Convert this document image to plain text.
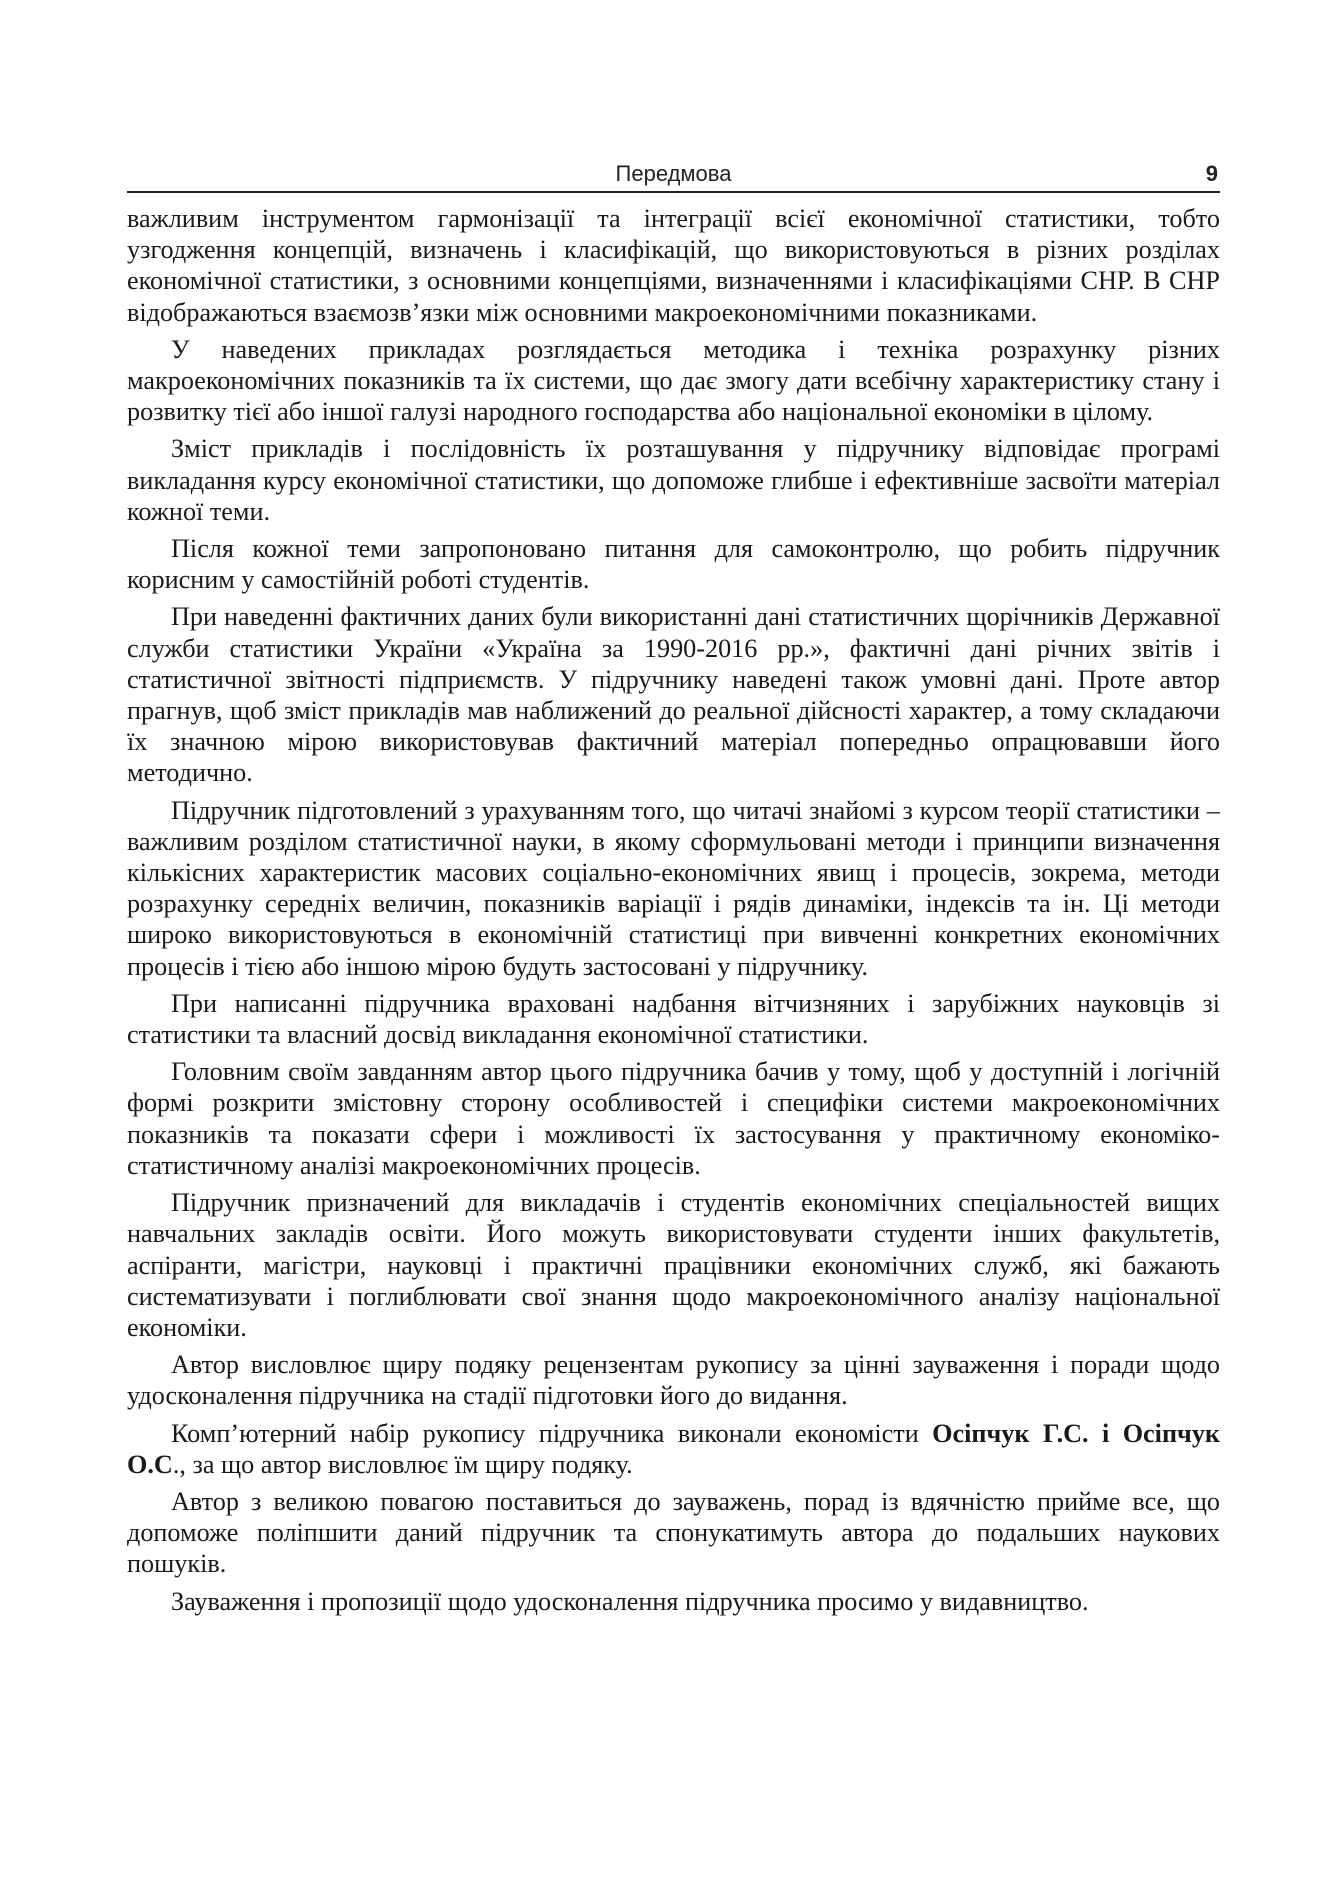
Передмова	9

важливим інструментом гармонізації та інтеграції всієї економічної статистики, тобто узгодження концепцій, визначень і класифікацій, що використовуються в різних розділах економічної статистики, з основними концепціями, визначеннями і класифікаціями СНР. В СНР відображаються взаємозв’язки між основними макроекономічними показниками.

У наведених прикладах розглядається методика і техніка розрахунку різних макроекономічних показників та їх системи, що дає змогу дати всебічну характеристику стану і розвитку тієї або іншої галузі народного господарства або національної економіки в цілому.

Зміст прикладів і послідовність їх розташування у підручнику відповідає програмі викладання курсу економічної статистики, що допоможе глибше і ефективніше засвоїти матеріал кожної теми.

Після кожної теми запропоновано питання для самоконтролю, що робить підручник корисним у самостійній роботі студентів.

При наведенні фактичних даних були використанні дані статистичних щорічників Державної служби статистики України «Україна за 1990-2016 рр.», фактичні дані річних звітів і статистичної звітності підприємств. У підручнику наведені також умовні дані. Проте автор прагнув, щоб зміст прикладів мав наближений до реальної дійсності характер, а тому складаючи їх значною мірою використовував фактичний матеріал попередньо опрацювавши його методично.

Підручник підготовлений з урахуванням того, що читачі знайомі з курсом теорії статистики – важливим розділом статистичної науки, в якому сформульовані методи і принципи визначення кількісних характеристик масових соціально-економічних явищ і процесів, зокрема, методи розрахунку середніх величин, показників варіації і рядів динаміки, індексів та ін. Ці методи широко використовуються в економічній статистиці при вивченні конкретних економічних процесів і тією або іншою мірою будуть застосовані у підручнику.

При написанні підручника враховані надбання вітчизняних і зарубіжних науковців зі статистики та власний досвід викладання економічної статистики.

Головним своїм завданням автор цього підручника бачив у тому, щоб у доступній і логічній формі розкрити змістовну сторону особливостей і специфіки системи макроекономічних показників та показати сфери і можливості їх застосування у практичному економіко-статистичному аналізі макроекономічних процесів.

Підручник призначений для викладачів і студентів економічних спеціальностей вищих навчальних закладів освіти. Його можуть використовувати студенти інших факультетів, аспіранти, магістри, науковці і практичні працівники економічних служб, які бажають систематизувати і поглиблювати свої знання щодо макроекономічного аналізу національної економіки.

Автор висловлює щиру подяку рецензентам рукопису за цінні зауваження і поради щодо удосконалення підручника на стадії підготовки його до видання.

Комп’ютерний набір рукопису підручника виконали економісти Осіпчук Г.С. і Осіпчук О.С., за що автор висловлює їм щиру подяку.

Автор з великою повагою поставиться до зауважень, порад із вдячністю прийме все, що допоможе поліпшити даний підручник та спонукатимуть автора до подальших наукових пошуків.

Зауваження і пропозиції щодо удосконалення підручника просимо у видавництво.
